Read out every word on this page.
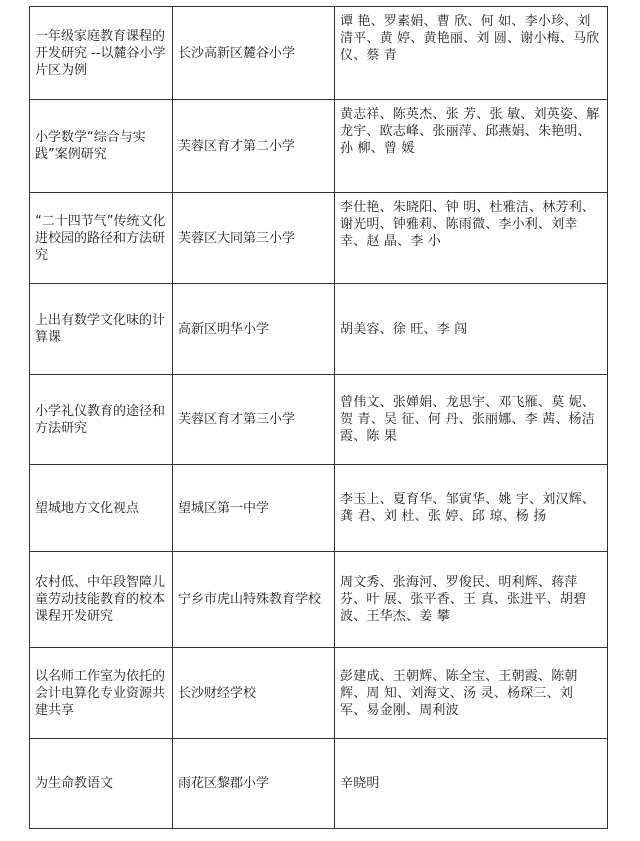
一年级家庭教育课程的开发研究 --以麓谷小学片区为例	长沙高新区麓谷小学	谭 艳、罗素娟、曹 欣、何 如、李小珍、刘清平、黄 婷、黄艳丽、刘 圆、谢小梅、马欣仪、蔡 青
小学数学“综合与实践”案例研究	芙蓉区育才第二小学	黄志祥、陈英杰、张 芳、张 敏、刘英姿、解龙宇、欧志峰、张丽萍、邱燕娟、朱艳明、孙 柳、曾 媛
“二十四节气”传统文化进校园的路径和方法研究	芙蓉区大同第三小学	李仕艳、朱晓阳、钟 明、杜雅洁、林芳利、谢光明、钟雅莉、陈雨微、李小利、刘幸幸、赵 晶、李 小
上出有数学文化味的计算课	高新区明华小学	胡美容、徐 旺、李 闯
小学礼仪教育的途径和方法研究	芙蓉区育才第三小学	曾伟文、张婵娟、龙思宇、邓飞雁、莫 妮、贺 青、吴 征、何 丹、张丽娜、李 茜、杨洁霞、陈 果
望城地方文化视点	望城区第一中学	李玉上、夏育华、邹寅华、姚 宇、刘汉辉、龚 君、刘 杜、张 婷、邱 琼、杨 扬
农村低、中年段智障儿童劳动技能教育的校本课程开发研究	宁乡市虎山特殊教育学校	周文秀、张海河、罗俊民、明利辉、蒋萍芬、叶 展、张平香、王 真、张进平、胡碧波、王华杰、姜 攀
以名师工作室为依托的会计电算化专业资源共建共享	长沙财经学校	彭建成、王朝辉、陈全宝、王朝霞、陈朝辉、周 知、刘海文、汤 灵、杨琛三、刘 军、易金刚、周利波
为生命教语文	雨花区黎郡小学	辛晓明
